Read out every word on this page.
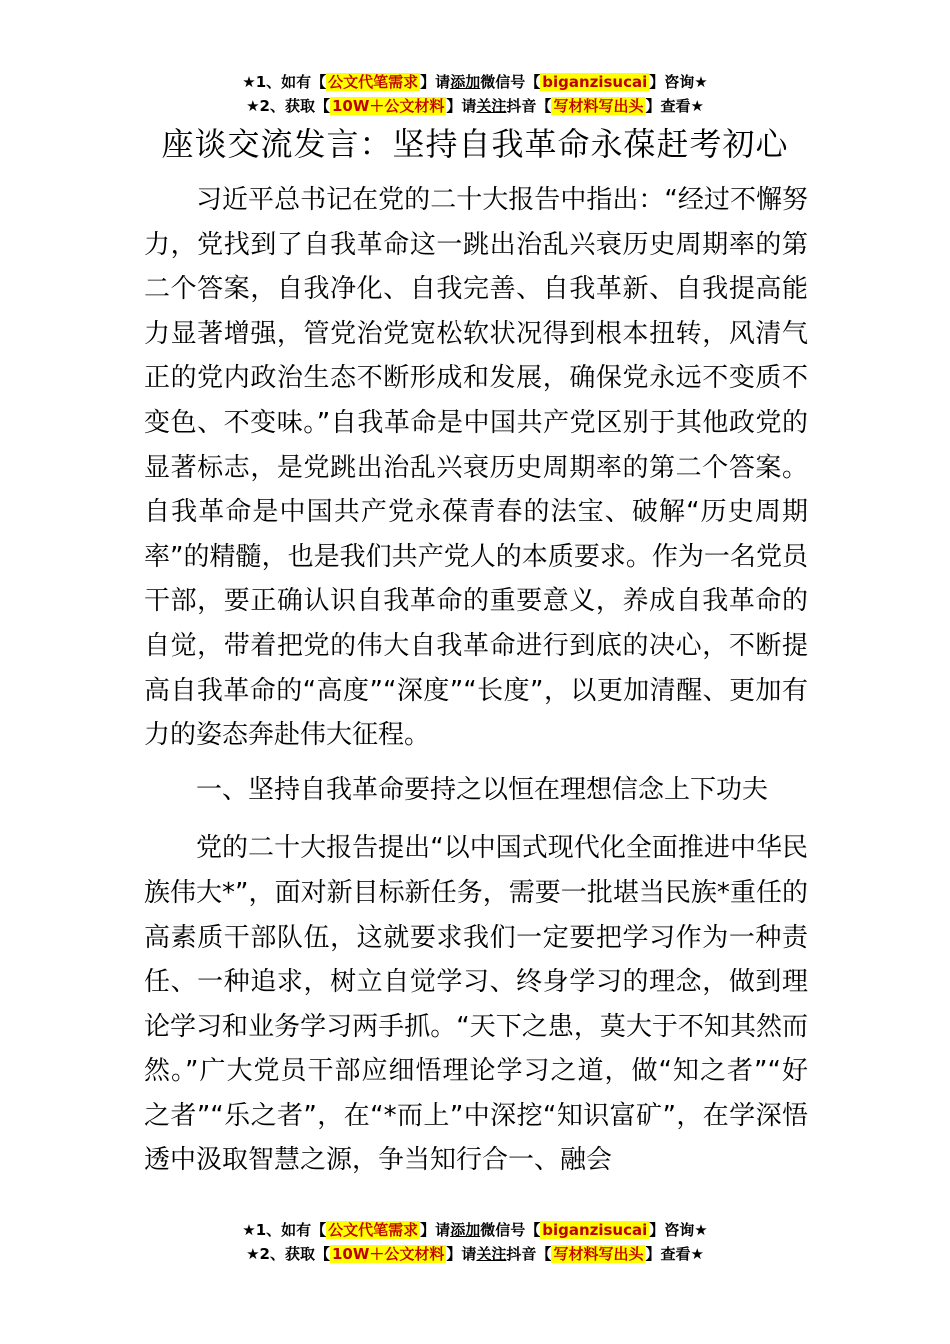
★1、如有【 公文代笔需求 】请添加微信号【 biganzisucai 】咨询★
★2、获取【 10W＋公文材料 】请关注抖音【 写材料写出头 】查看★
座谈交流发言：坚持自我革命永葆赶考初心

习近平总书记在党的二十大报告中指出：“经过不懈努力，党找到了自我革命这一跳出治乱兴衰历史周期率的第二个答案，自我净化、自我完善、自我革新、自我提高能力显著增强，管党治党宽松软状况得到根本扭转，风清气正的党内政治生态不断形成和发展，确保党永远不变质不变色、不变味。”自我革命是中国共产党区别于其他政党的显著标志，是党跳出治乱兴衰历史周期率的第二个答案。自我革命是中国共产党永葆青春的法宝、破解“历史周期率”的精髓，也是我们共产党人的本质要求。作为一名党员干部，要正确认识自我革命的重要意义，养成自我革命的自觉，带着把党的伟大自我革命进行到底的决心，不断提高自我革命的“高度”“深度”“长度”，以更加清醒、更加有力的姿态奔赴伟大征程。

一、坚持自我革命要持之以恒在理想信念上下功夫

党的二十大报告提出“以中国式现代化全面推进中华民族伟大*”，面对新目标新任务，需要一批堪当民族*重任的高素质干部队伍，这就要求我们一定要把学习作为一种责任、一种追求，树立自觉学习、终身学习的理念，做到理论学习和业务学习两手抓。“天下之患，莫大于不知其然而然。”广大党员干部应细悟理论学习之道，做“知之者”“好之者”“乐之者”，在“*而上”中深挖“知识富矿”，在学深悟透中汲取智慧之源，争当知行合一、融会

★1、如有【 公文代笔需求 】请添加微信号【 biganzisucai 】咨询★
★2、获取【 10W＋公文材料 】请关注抖音【 写材料写出头 】查看★
